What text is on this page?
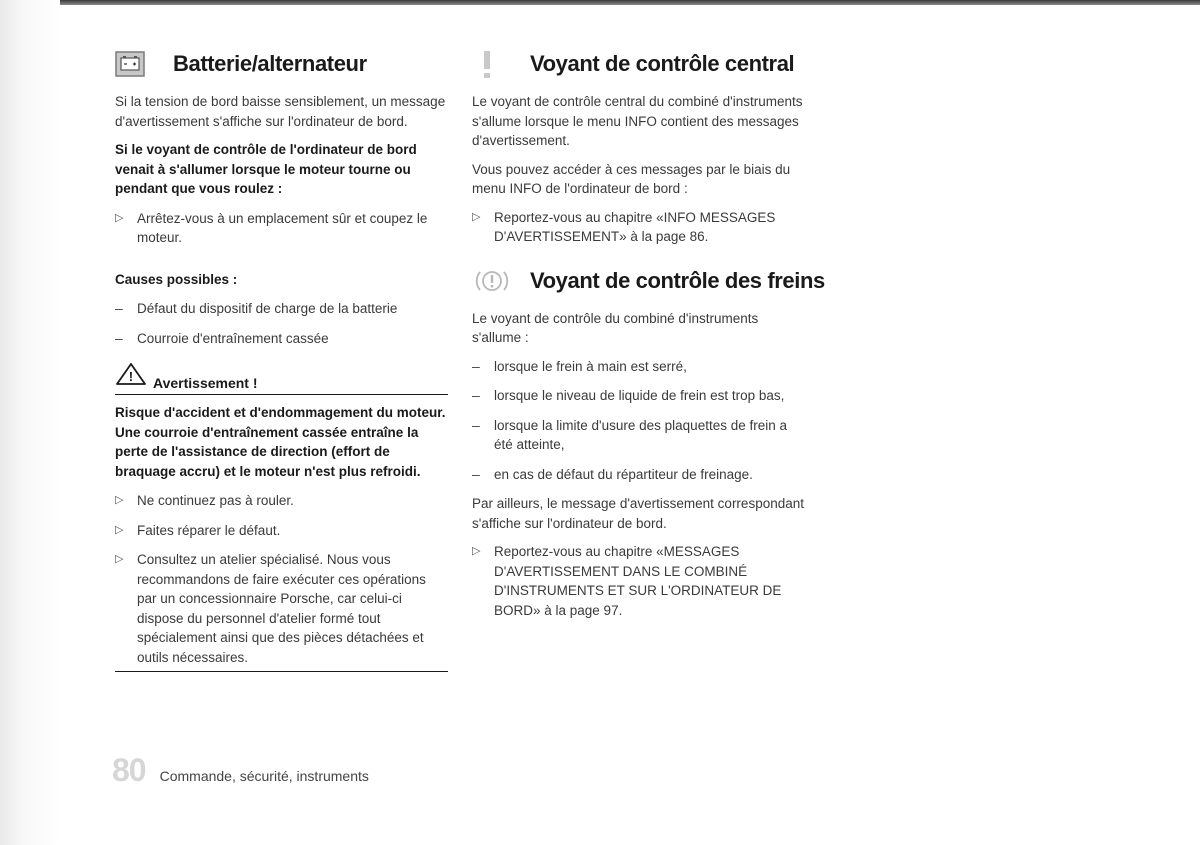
Batterie/alternateur

Si la tension de bord baisse sensiblement, un message d'avertissement s'affiche sur l'ordinateur de bord.

Si le voyant de contrôle de l'ordinateur de bord venait à s'allumer lorsque le moteur tourne ou pendant que vous roulez :

▷	Arrêtez-vous à un emplacement sûr et coupez le moteur.

Causes possibles :

–	Défaut du dispositif de charge de la batterie
–	Courroie d'entraînement cassée
! Avertissement !

Risque d'accident et d'endommagement du moteur. Une courroie d'entraînement cassée entraîne la perte de l'assistance de direction (effort de braquage accru) et le moteur n'est plus refroidi.

▷	Ne continuez pas à rouler.
▷	Faites réparer le défaut.
▷	Consultez un atelier spécialisé. Nous vous recommandons de faire exécuter ces opérations par un concessionnaire Porsche, car celui-ci dispose du personnel d'atelier formé tout spécialement ainsi que des pièces détachées et outils nécessaires.
Voyant de contrôle central

Le voyant de contrôle central du combiné d'instruments s'allume lorsque le menu INFO contient des messages d'avertissement.

Vous pouvez accéder à ces messages par le biais du menu INFO de l'ordinateur de bord :

▷	Reportez-vous au chapitre «INFO MESSAGES D'AVERTISSEMENT» à la page 86.
Voyant de contrôle des freins

Le voyant de contrôle du combiné d'instruments s'allume :

–	lorsque le frein à main est serré,
–	lorsque le niveau de liquide de frein est trop bas,
–	lorsque la limite d'usure des plaquettes de frein a été atteinte,
–	en cas de défaut du répartiteur de freinage.

Par ailleurs, le message d'avertissement correspondant s'affiche sur l'ordinateur de bord.

▷	Reportez-vous au chapitre «MESSAGES D'AVERTISSEMENT DANS LE COMBINÉ D'INSTRUMENTS ET SUR L'ORDINATEUR DE BORD» à la page 97.
80 Commande, sécurité, instruments
